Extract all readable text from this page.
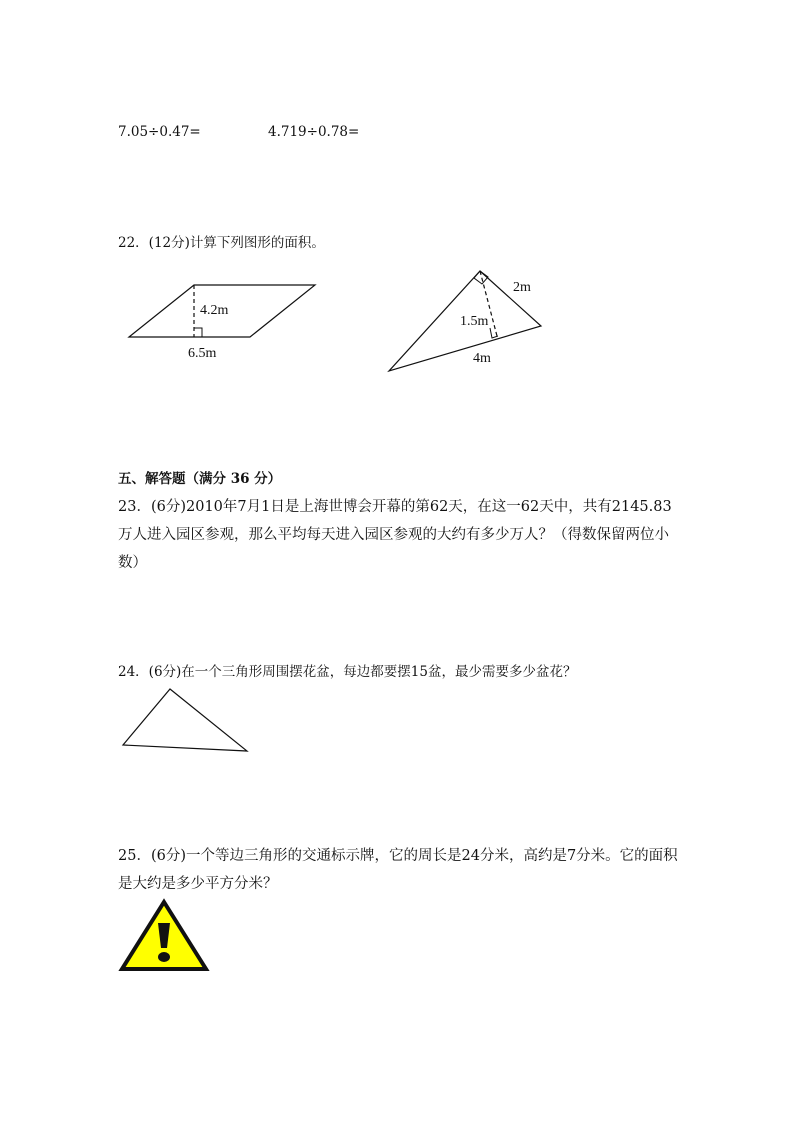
7.05÷0.47=	4.719÷0.78=
22．(12分)计算下列图形的面积。
4.2m
6.5m
2m
1.5m
4m
五、解答题（满分 36 分）
23．(6分)2010年7月1日是上海世博会开幕的第62天，在这一62天中，共有2145.83
万人进入园区参观，那么平均每天进入园区参观的大约有多少万人？（得数保留两位小
数）
24．(6分)在一个三角形周围摆花盆，每边都要摆15盆，最少需要多少盆花？
25．(6分)一个等边三角形的交通标示牌，它的周长是24分米，高约是7分米。它的面积
是大约是多少平方分米？
